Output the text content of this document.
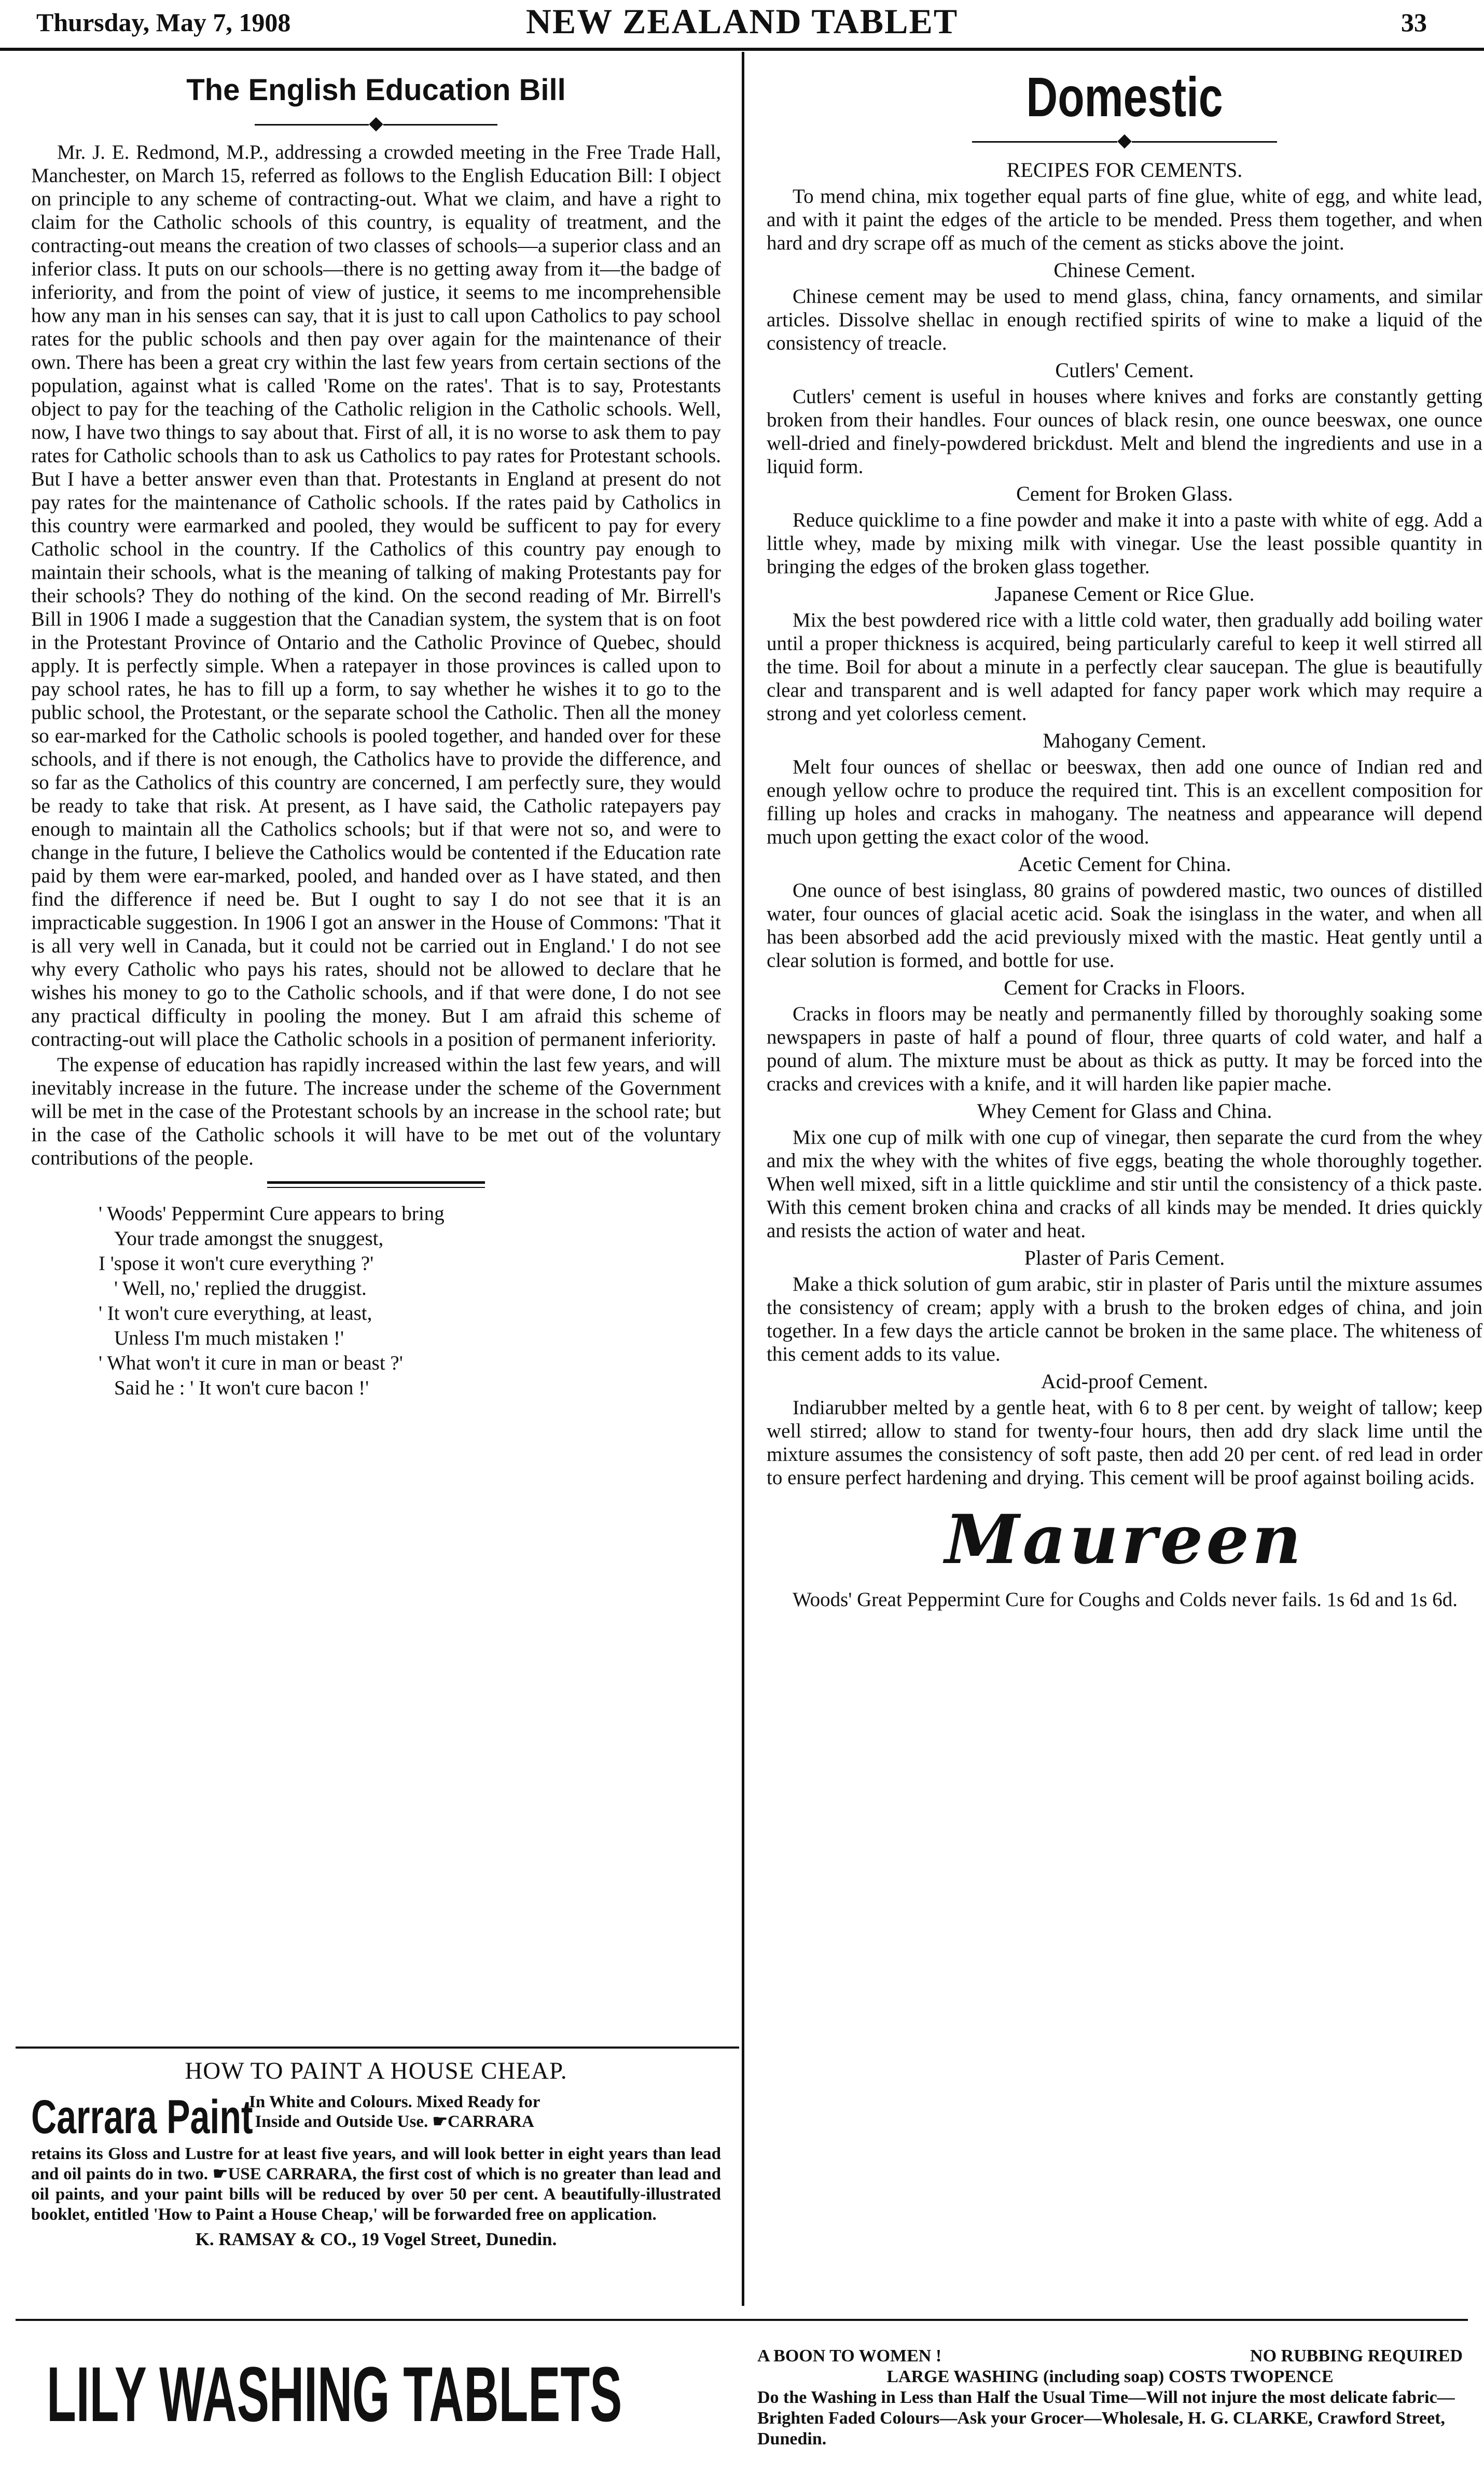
Thursday, May 7, 1908	NEW ZEALAND TABLET	33
The English Education Bill
◆

Mr. J. E. Redmond, M.P., addressing a crowded meeting in the Free Trade Hall, Manchester, on March 15, referred as follows to the English Education Bill: I object on principle to any scheme of contracting-out. What we claim, and have a right to claim for the Catholic schools of this country, is equality of treatment, and the contracting-out means the creation of two classes of schools—a superior class and an inferior class. It puts on our schools—there is no getting away from it—the badge of inferiority, and from the point of view of justice, it seems to me incomprehensible how any man in his senses can say, that it is just to call upon Catholics to pay school rates for the public schools and then pay over again for the maintenance of their own. There has been a great cry within the last few years from certain sections of the population, against what is called 'Rome on the rates'. That is to say, Protestants object to pay for the teaching of the Catholic religion in the Catholic schools. Well, now, I have two things to say about that. First of all, it is no worse to ask them to pay rates for Catholic schools than to ask us Catholics to pay rates for Protestant schools. But I have a better answer even than that. Protestants in England at present do not pay rates for the maintenance of Catholic schools. If the rates paid by Catholics in this country were earmarked and pooled, they would be sufficent to pay for every Catholic school in the country. If the Catholics of this country pay enough to maintain their schools, what is the meaning of talking of making Protestants pay for their schools? They do nothing of the kind. On the second reading of Mr. Birrell's Bill in 1906 I made a suggestion that the Canadian system, the system that is on foot in the Protestant Province of Ontario and the Catholic Province of Quebec, should apply. It is perfectly simple. When a ratepayer in those provinces is called upon to pay school rates, he has to fill up a form, to say whether he wishes it to go to the public school, the Protestant, or the separate school the Catholic. Then all the money so ear-marked for the Catholic schools is pooled together, and handed over for these schools, and if there is not enough, the Catholics have to provide the difference, and so far as the Catholics of this country are concerned, I am perfectly sure, they would be ready to take that risk. At present, as I have said, the Catholic ratepayers pay enough to maintain all the Catholics schools; but if that were not so, and were to change in the future, I believe the Catholics would be contented if the Education rate paid by them were ear-marked, pooled, and handed over as I have stated, and then find the difference if need be. But I ought to say I do not see that it is an impracticable suggestion. In 1906 I got an answer in the House of Commons: 'That it is all very well in Canada, but it could not be carried out in England.' I do not see why every Catholic who pays his rates, should not be allowed to declare that he wishes his money to go to the Catholic schools, and if that were done, I do not see any practical difficulty in pooling the money. But I am afraid this scheme of contracting-out will place the Catholic schools in a position of permanent inferiority.

The expense of education has rapidly increased within the last few years, and will inevitably increase in the future. The increase under the scheme of the Government will be met in the case of the Protestant schools by an increase in the school rate; but in the case of the Catholic schools it will have to be met out of the voluntary contributions of the people.

' Woods' Peppermint Cure appears to bring
Your trade amongst the snuggest,
I 'spose it won't cure everything ?'
' Well, no,' replied the druggist.
' It won't cure everything, at least,
Unless I'm much mistaken !'
' What won't it cure in man or beast ?'
Said he : ' It won't cure bacon !'
HOW TO PAINT A HOUSE CHEAP.
Carrara Paint
In White and Colours. Mixed Ready for
Inside and Outside Use. ☛CARRARA
retains its Gloss and Lustre for at least five years, and will look better in eight years than lead and oil paints do in two. ☛USE CARRARA, the first cost of which is no greater than lead and oil paints, and your paint bills will be reduced by over 50 per cent. A beautifully-illustrated booklet, entitled 'How to Paint a House Cheap,' will be forwarded free on application.
K. RAMSAY & CO., 19 Vogel Street, Dunedin.
Domestic
◆
RECIPES FOR CEMENTS.

To mend china, mix together equal parts of fine glue, white of egg, and white lead, and with it paint the edges of the article to be mended. Press them together, and when hard and dry scrape off as much of the cement as sticks above the joint.

Chinese Cement.

Chinese cement may be used to mend glass, china, fancy ornaments, and similar articles. Dissolve shellac in enough rectified spirits of wine to make a liquid of the consistency of treacle.

Cutlers' Cement.

Cutlers' cement is useful in houses where knives and forks are constantly getting broken from their handles. Four ounces of black resin, one ounce beeswax, one ounce well-dried and finely-powdered brickdust. Melt and blend the ingredients and use in a liquid form.

Cement for Broken Glass.

Reduce quicklime to a fine powder and make it into a paste with white of egg. Add a little whey, made by mixing milk with vinegar. Use the least possible quantity in bringing the edges of the broken glass together.

Japanese Cement or Rice Glue.

Mix the best powdered rice with a little cold water, then gradually add boiling water until a proper thickness is acquired, being particularly careful to keep it well stirred all the time. Boil for about a minute in a perfectly clear saucepan. The glue is beautifully clear and transparent and is well adapted for fancy paper work which may require a strong and yet colorless cement.

Mahogany Cement.

Melt four ounces of shellac or beeswax, then add one ounce of Indian red and enough yellow ochre to produce the required tint. This is an excellent composition for filling up holes and cracks in mahogany. The neatness and appearance will depend much upon getting the exact color of the wood.

Acetic Cement for China.

One ounce of best isinglass, 80 grains of powdered mastic, two ounces of distilled water, four ounces of glacial acetic acid. Soak the isinglass in the water, and when all has been absorbed add the acid previously mixed with the mastic. Heat gently until a clear solution is formed, and bottle for use.

Cement for Cracks in Floors.

Cracks in floors may be neatly and permanently filled by thoroughly soaking some newspapers in paste of half a pound of flour, three quarts of cold water, and half a pound of alum. The mixture must be about as thick as putty. It may be forced into the cracks and crevices with a knife, and it will harden like papier mache.

Whey Cement for Glass and China.

Mix one cup of milk with one cup of vinegar, then separate the curd from the whey and mix the whey with the whites of five eggs, beating the whole thoroughly together. When well mixed, sift in a little quicklime and stir until the consistency of a thick paste. With this cement broken china and cracks of all kinds may be mended. It dries quickly and resists the action of water and heat.

Plaster of Paris Cement.

Make a thick solution of gum arabic, stir in plaster of Paris until the mixture assumes the consistency of cream; apply with a brush to the broken edges of china, and join together. In a few days the article cannot be broken in the same place. The whiteness of this cement adds to its value.

Acid-proof Cement.

Indiarubber melted by a gentle heat, with 6 to 8 per cent. by weight of tallow; keep well stirred; allow to stand for twenty-four hours, then add dry slack lime until the mixture assumes the consistency of soft paste, then add 20 per cent. of red lead in order to ensure perfect hardening and drying. This cement will be proof against boiling acids.

Maureen
Woods' Great Peppermint Cure for Coughs and Colds never fails. 1s 6d and 1s 6d.
LILY WASHING TABLETS	A BOON TO WOMEN !	NO RUBBING REQUIRED
LARGE WASHING (including soap) COSTS TWOPENCE
Do the Washing in Less than Half the Usual Time—Will not injure the most delicate fabric—Brighten Faded Colours—Ask your Grocer—Wholesale, H. G. CLARKE, Crawford Street, Dunedin.
